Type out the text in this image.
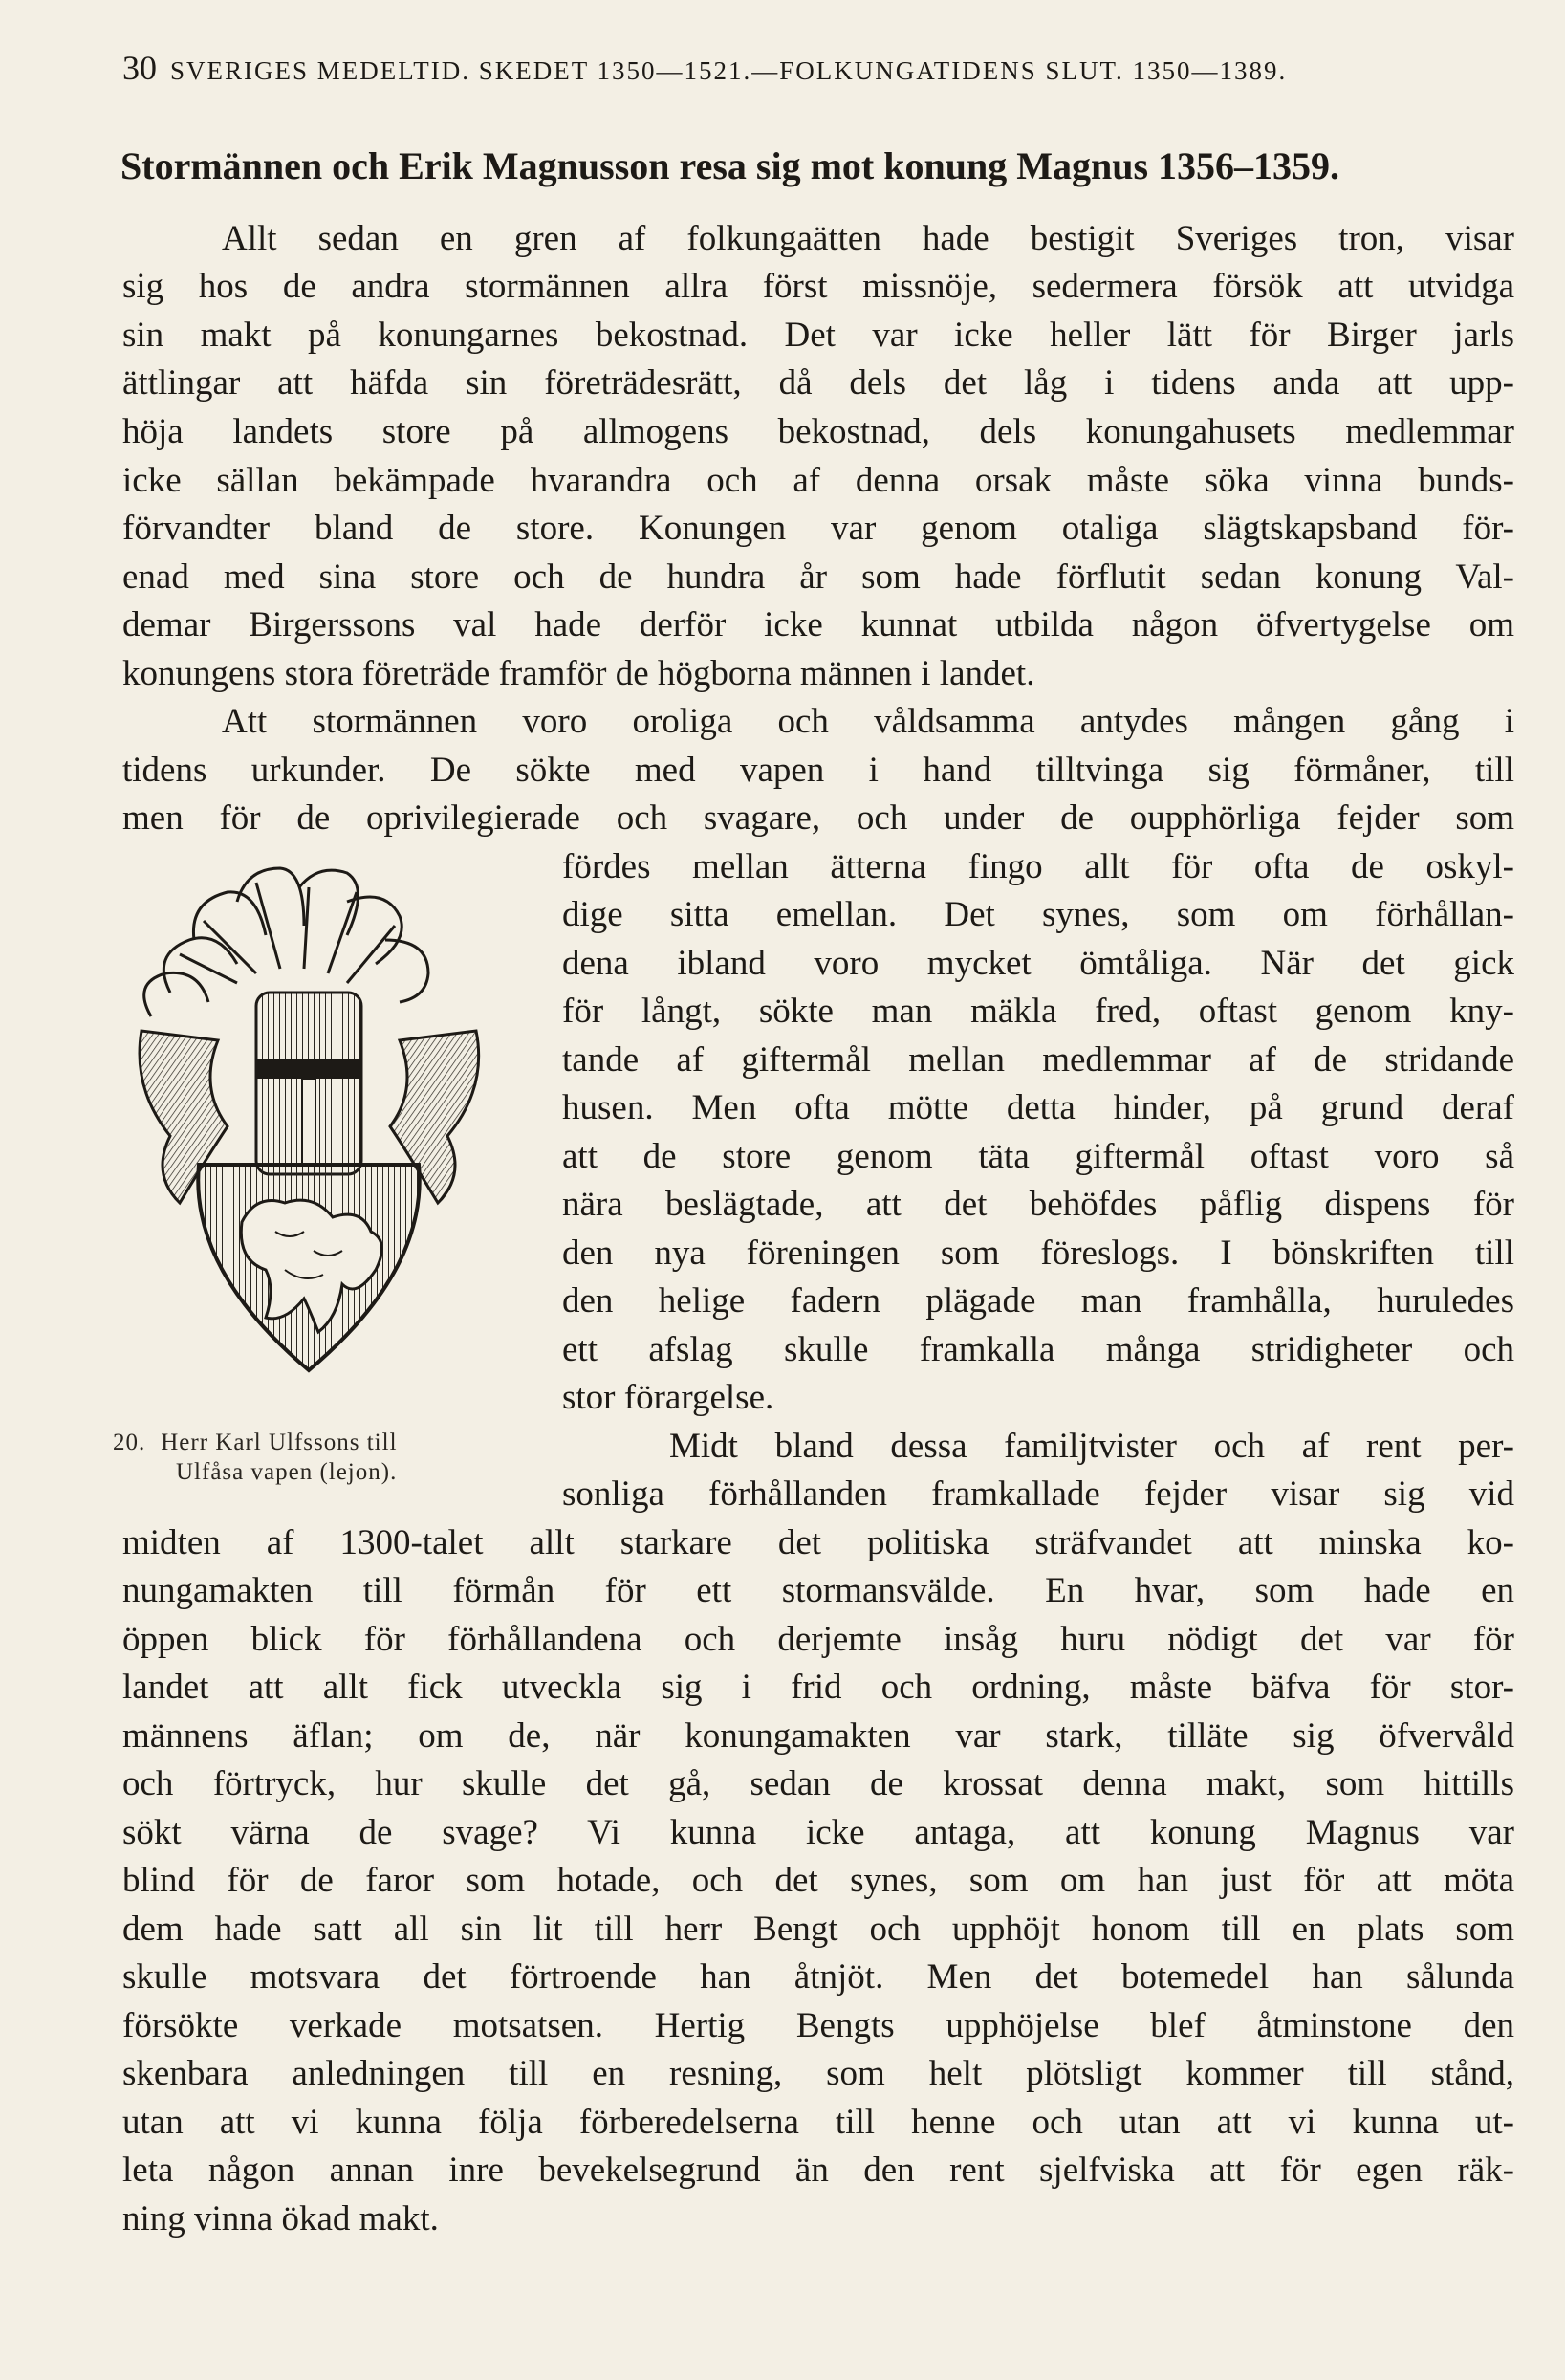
30 SVERIGES MEDELTID. SKEDET 1350—1521.—FOLKUNGATIDENS SLUT. 1350—1389.
Stormännen och Erik Magnusson resa sig mot konung Magnus 1356–1359.
Allt sedan en gren af folkungaätten hade bestigit Sveriges tron, visar
sig hos de andra stormännen allra först missnöje, sedermera försök att utvidga
sin makt på konungarnes bekostnad. Det var icke heller lätt för Birger jarls
ättlingar att häfda sin företrädesrätt, då dels det låg i tidens anda att upp-
höja landets store på allmogens bekostnad, dels konungahusets medlemmar
icke sällan bekämpade hvarandra och af denna orsak måste söka vinna bunds-
förvandter bland de store. Konungen var genom otaliga slägtskapsband för-
enad med sina store och de hundra år som hade förflutit sedan konung Val-
demar Birgerssons val hade derför icke kunnat utbilda någon öfvertygelse om
konungens stora företräde framför de högborna männen i landet.
Att stormännen voro oroliga och våldsamma antydes mången gång i
tidens urkunder. De sökte med vapen i hand tilltvinga sig förmåner, till
men för de oprivilegierade och svagare, och under de oupphörliga fejder som
fördes mellan ätterna fingo allt för ofta de oskyl-
dige sitta emellan. Det synes, som om förhållan-
dena ibland voro mycket ömtåliga. När det gick
för långt, sökte man mäkla fred, oftast genom kny-
tande af giftermål mellan medlemmar af de stridande
husen. Men ofta mötte detta hinder, på grund deraf
att de store genom täta giftermål oftast voro så
nära beslägtade, att det behöfdes påflig dispens för
den nya föreningen som föreslogs. I bönskriften till
den helige fadern plägade man framhålla, huruledes
ett afslag skulle framkalla många stridigheter och
stor förargelse.
Midt bland dessa familjtvister och af rent per-
sonliga förhållanden framkallade fejder visar sig vid
midten af 1300-talet allt starkare det politiska sträfvandet att minska ko-
nungamakten till förmån för ett stormansvälde. En hvar, som hade en
öppen blick för förhållandena och derjemte insåg huru nödigt det var för
landet att allt fick utveckla sig i frid och ordning, måste bäfva för stor-
männens äflan; om de, när konungamakten var stark, tilläte sig öfvervåld
och förtryck, hur skulle det gå, sedan de krossat denna makt, som hittills
sökt värna de svage? Vi kunna icke antaga, att konung Magnus var
blind för de faror som hotade, och det synes, som om han just för att möta
dem hade satt all sin lit till herr Bengt och upphöjt honom till en plats som
skulle motsvara det förtroende han åtnjöt. Men det botemedel han sålunda
försökte verkade motsatsen. Hertig Bengts upphöjelse blef åtminstone den
skenbara anledningen till en resning, som helt plötsligt kommer till stånd,
utan att vi kunna följa förberedelserna till henne och utan att vi kunna ut-
leta någon annan inre bevekelsegrund än den rent sjelfviska att för egen räk-
ning vinna ökad makt.
20. Herr Karl Ulfssons till
Ulfåsa vapen (lejon).
